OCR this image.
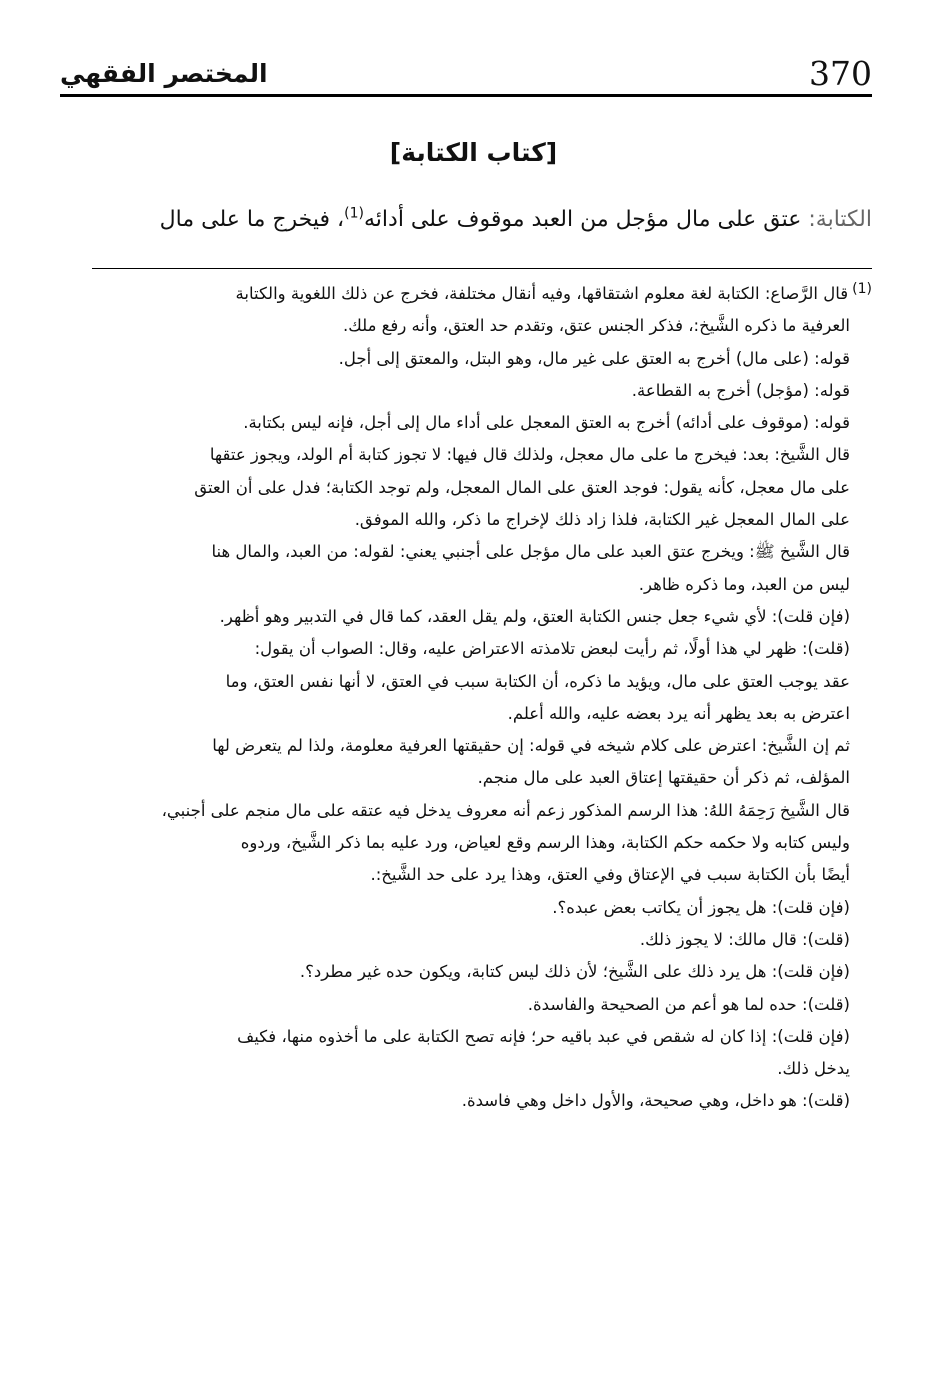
370
المختصر الفقهي
[كتاب الكتابة]
الكتابة: عتق على مال مؤجل من العبد موقوف على أدائه$^{(1)}$، فيخرج ما على مال
$^{(1)}$قال الرَّصاع: الكتابة لغة معلوم اشتقاقها، وفيه أنقال مختلفة، فخرج عن ذلك اللغوية والكتابة
العرفية ما ذكره الشَّيخ:، فذكر الجنس عتق، وتقدم حد العتق، وأنه رفع ملك.
قوله: (على مال) أخرج به العتق على غير مال، وهو البتل، والمعتق إلى أجل.
قوله: (مؤجل) أخرج به القطاعة.
قوله: (موقوف على أدائه) أخرج به العتق المعجل على أداء مال إلى أجل، فإنه ليس بكتابة.
قال الشَّيخ: بعد: فيخرج ما على مال معجل، ولذلك قال فيها: لا تجوز كتابة أم الولد، ويجوز عتقها
على مال معجل، كأنه يقول: فوجد العتق على المال المعجل، ولم توجد الكتابة؛ فدل على أن العتق
على المال المعجل غير الكتابة، فلذا زاد ذلك لإخراج ما ذكر، والله الموفق.
قال الشَّيخ ﷺ: ويخرج عتق العبد على مال مؤجل على أجنبي يعني: لقوله: من العبد، والمال هنا
ليس من العبد، وما ذكره ظاهر.
(فإن قلت): لأي شيء جعل جنس الكتابة العتق، ولم يقل العقد، كما قال في التدبير وهو أظهر.
(قلت): ظهر لي هذا أولًا، ثم رأيت لبعض تلامذته الاعتراض عليه، وقال: الصواب أن يقول:
عقد يوجب العتق على مال، ويؤيد ما ذكره، أن الكتابة سبب في العتق، لا أنها نفس العتق، وما
اعترض به بعد يظهر أنه يرد بعضه عليه، والله أعلم.
ثم إن الشَّيخ: اعترض على كلام شيخه في قوله: إن حقيقتها العرفية معلومة، ولذا لم يتعرض لها
المؤلف، ثم ذكر أن حقيقتها إعتاق العبد على مال منجم.
قال الشَّيخ رَحِمَهُ اللهُ: هذا الرسم المذكور زعم أنه معروف يدخل فيه عتقه على مال منجم على أجنبي،
وليس كتابه ولا حكمه حكم الكتابة، وهذا الرسم وقع لعياض، ورد عليه بما ذكر الشَّيخ، وردوه
أيضًا بأن الكتابة سبب في الإعتاق وفي العتق، وهذا يرد على حد الشَّيخ:.
(فإن قلت): هل يجوز أن يكاتب بعض عبده؟.
(قلت): قال مالك: لا يجوز ذلك.
(فإن قلت): هل يرد ذلك على الشَّيخ؛ لأن ذلك ليس كتابة، ويكون حده غير مطرد؟.
(قلت): حده لما هو أعم من الصحيحة والفاسدة.
(فإن قلت): إذا كان له شقص في عبد باقيه حر؛ فإنه تصح الكتابة على ما أخذوه منها، فكيف
يدخل ذلك.
(قلت): هو داخل، وهي صحيحة، والأول داخل وهي فاسدة.
